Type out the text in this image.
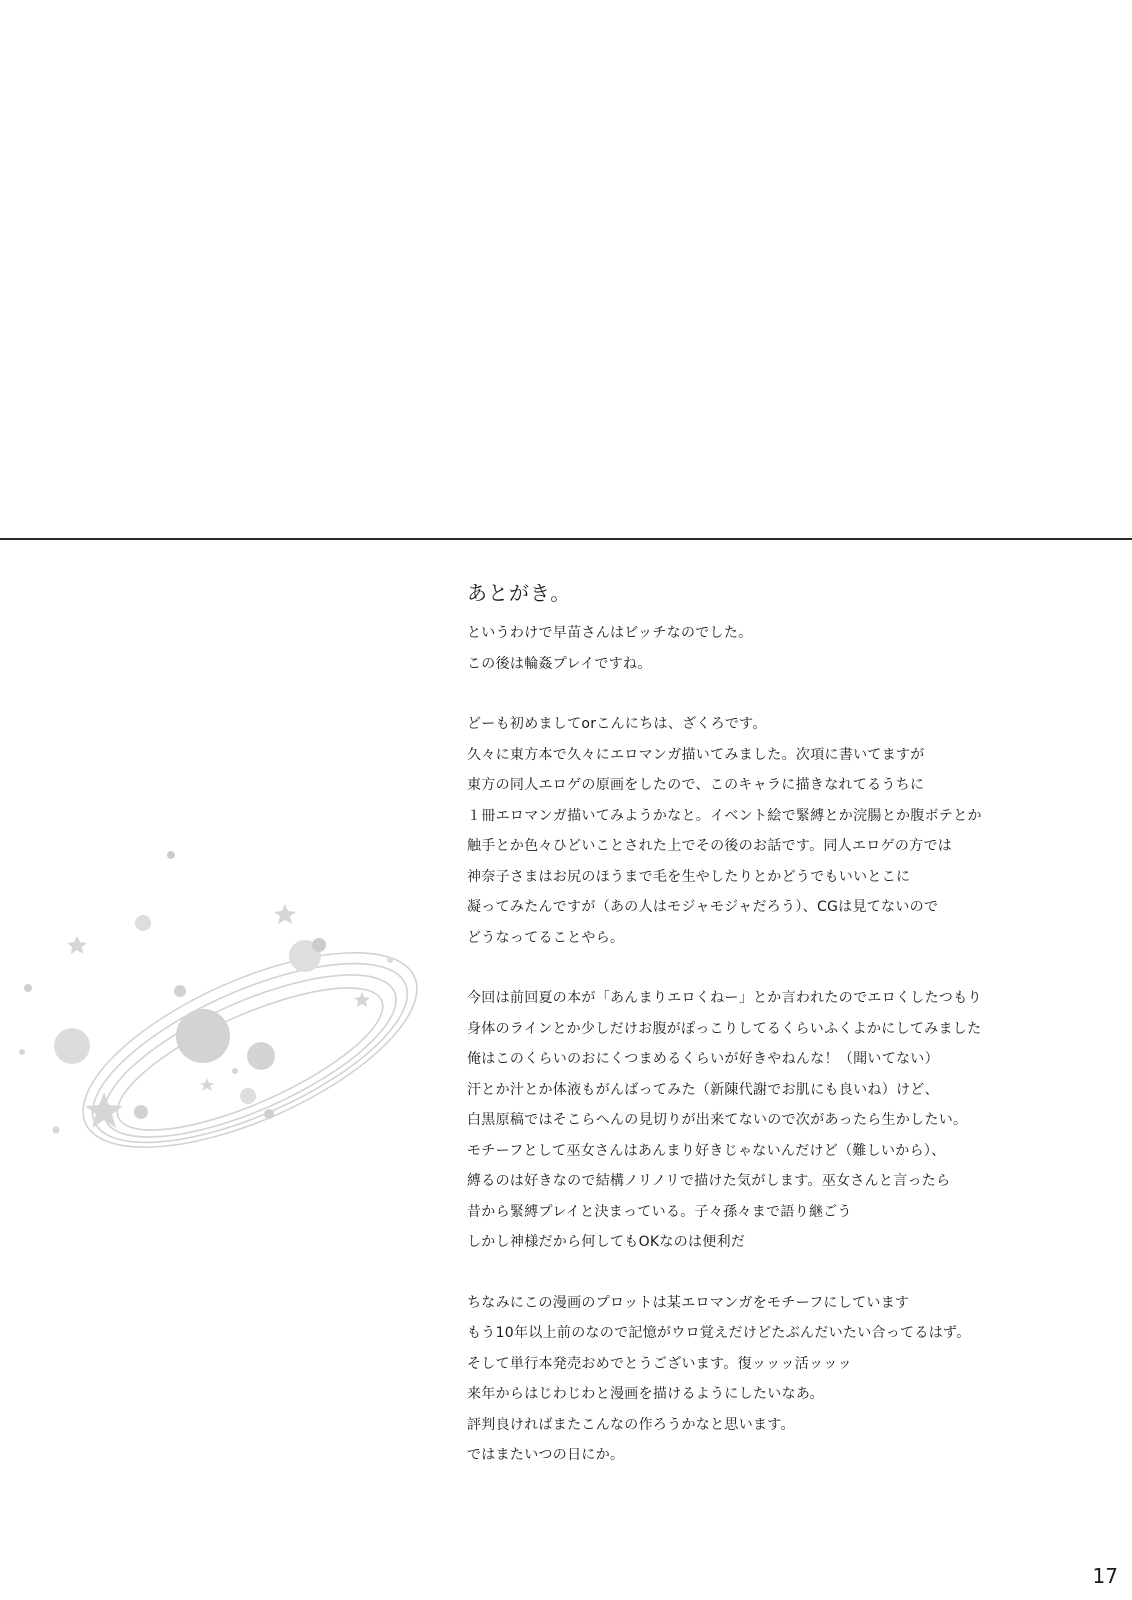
あとがき。
というわけで早苗さんはビッチなのでした。
この後は輪姦プレイですね。
どーも初めましてorこんにちは、ざくろです。
久々に東方本で久々にエロマンガ描いてみました。次項に書いてますが
東方の同人エロゲの原画をしたので、このキャラに描きなれてるうちに
１冊エロマンガ描いてみようかなと。イベント絵で緊縛とか浣腸とか腹ボテとか
触手とか色々ひどいことされた上でその後のお話です。同人エロゲの方では
神奈子さまはお尻のほうまで毛を生やしたりとかどうでもいいとこに
凝ってみたんですが（あの人はモジャモジャだろう）、CGは見てないので
どうなってることやら。
今回は前回夏の本が「あんまりエロくねー」とか言われたのでエロくしたつもり
身体のラインとか少しだけお腹がぽっこりしてるくらいふくよかにしてみました
俺はこのくらいのおにくつまめるくらいが好きやねんな！（聞いてない）
汗とか汁とか体液もがんばってみた（新陳代謝でお肌にも良いね）けど、
白黒原稿ではそこらへんの見切りが出来てないので次があったら生かしたい。
モチーフとして巫女さんはあんまり好きじゃないんだけど（難しいから）、
縛るのは好きなので結構ノリノリで描けた気がします。巫女さんと言ったら
昔から緊縛プレイと決まっている。子々孫々まで語り継ごう
しかし神様だから何してもOKなのは便利だ
ちなみにこの漫画のプロットは某エロマンガをモチーフにしています
もう10年以上前のなので記憶がウロ覚えだけどたぶんだいたい合ってるはず。
そして単行本発売おめでとうございます。復ッッッ活ッッッ
来年からはじわじわと漫画を描けるようにしたいなあ。
評判良ければまたこんなの作ろうかなと思います。
ではまたいつの日にか。
17
